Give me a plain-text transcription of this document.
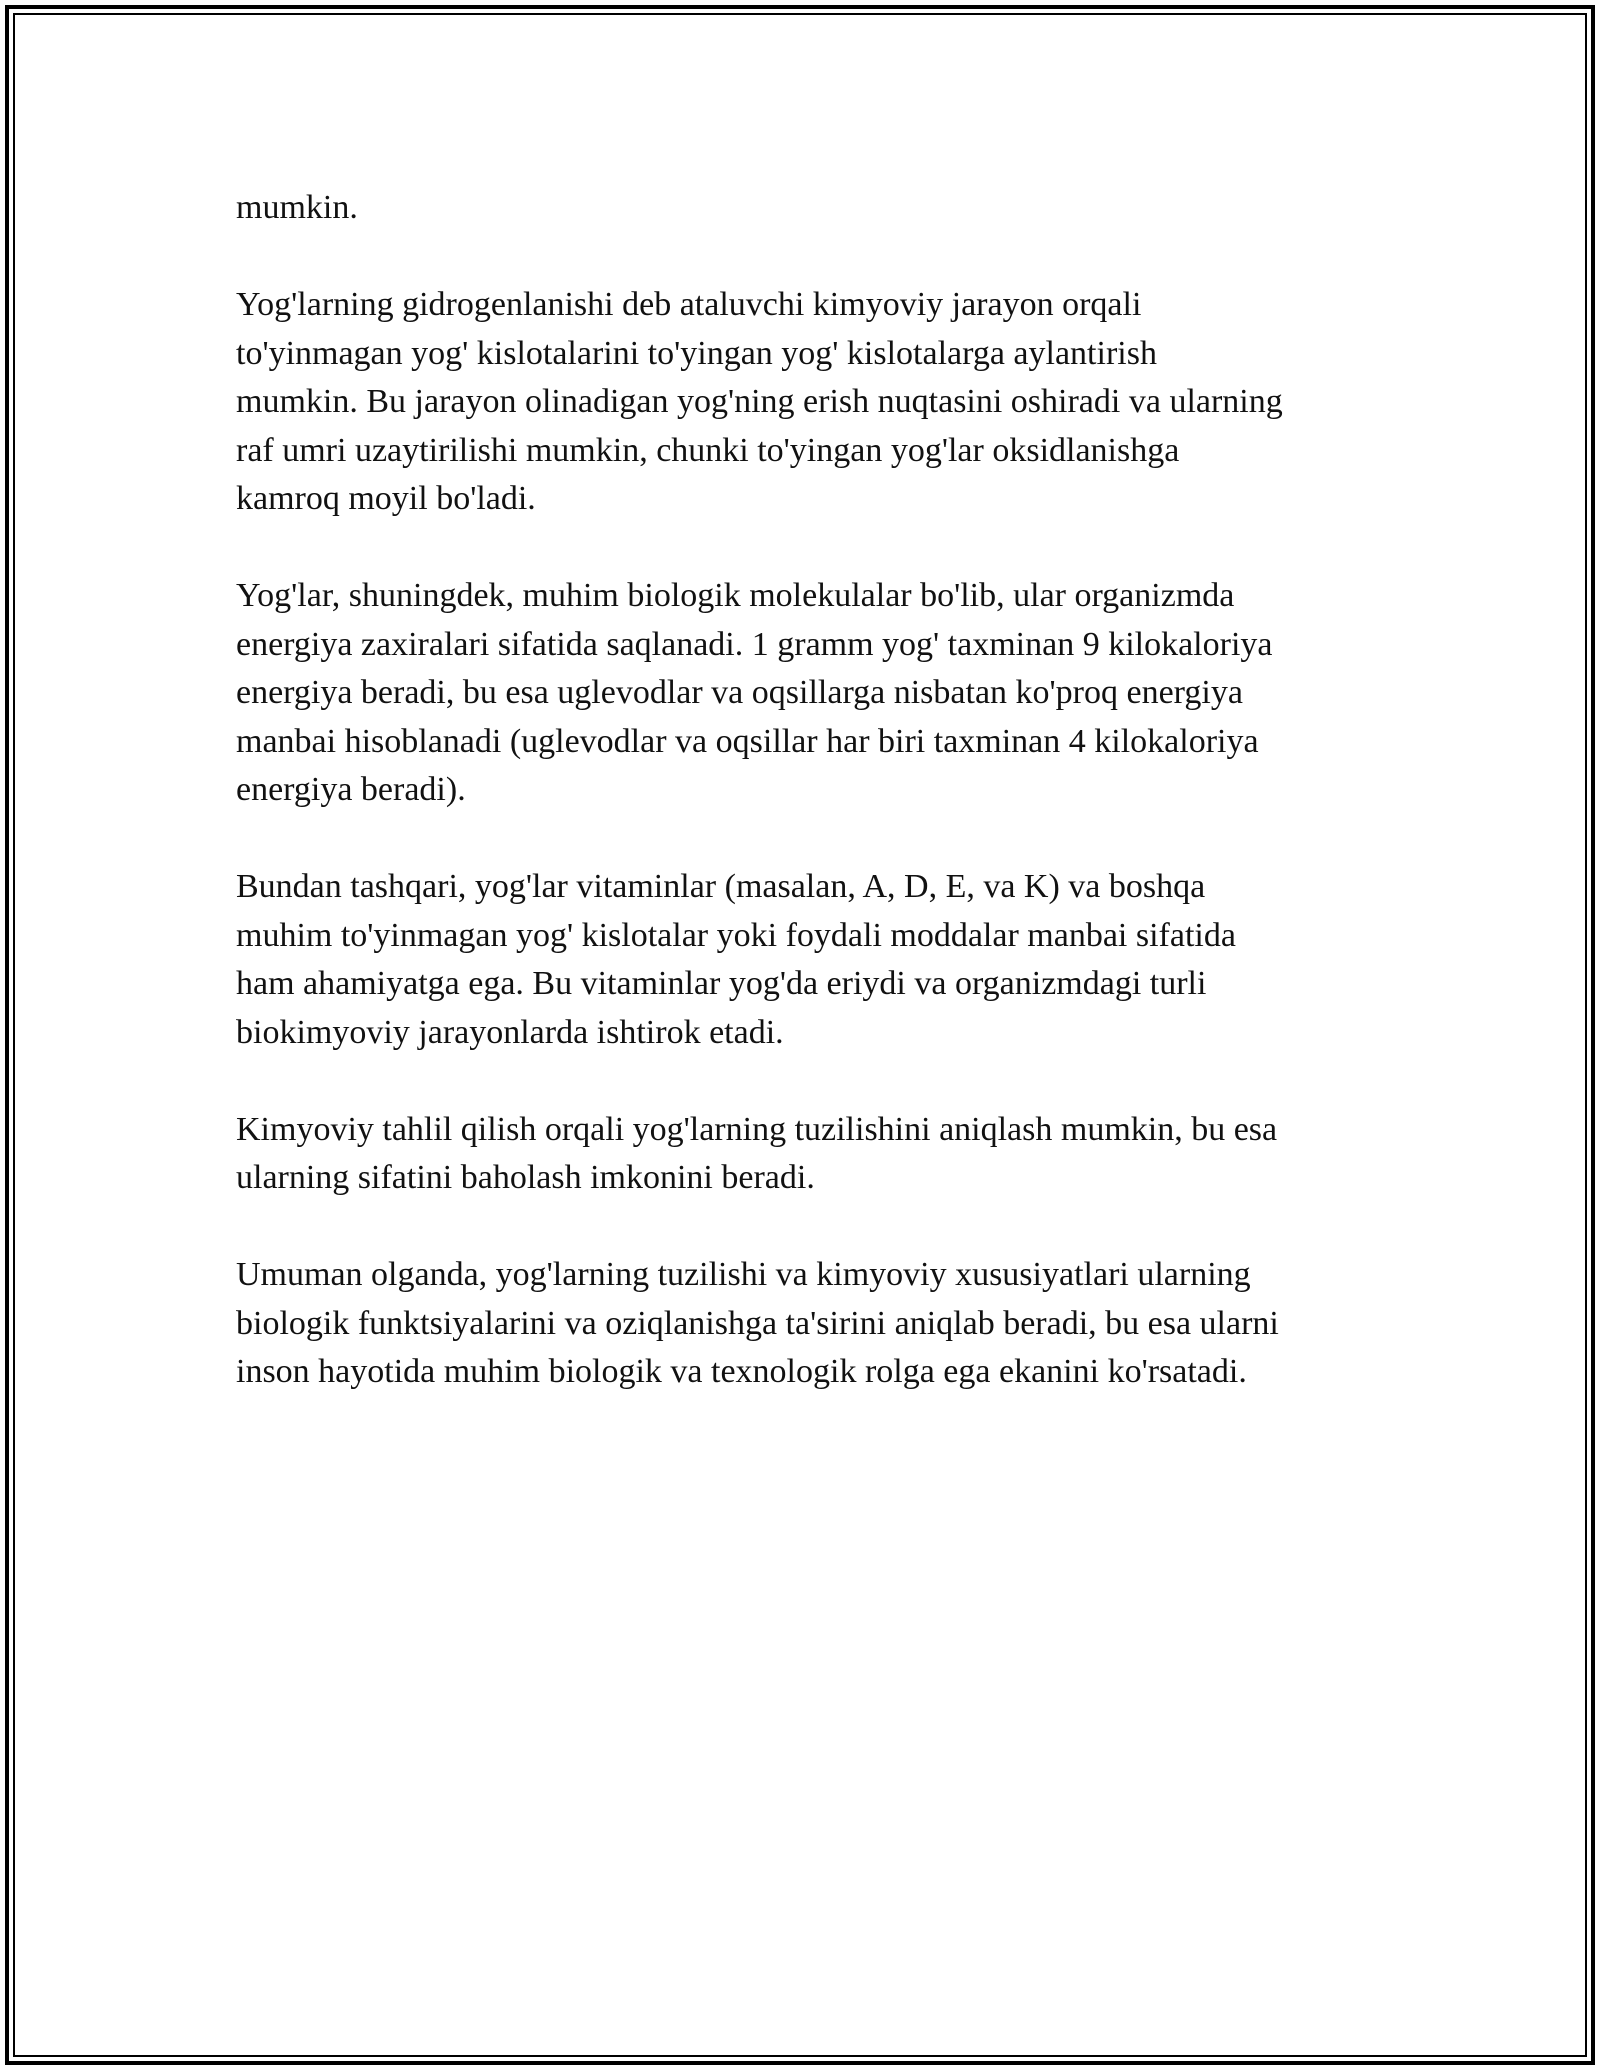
mumkin.

Yog'larning gidrogenlanishi deb ataluvchi kimyoviy jarayon orqali
to'yinmagan yog' kislotalarini to'yingan yog' kislotalarga aylantirish
mumkin. Bu jarayon olinadigan yog'ning erish nuqtasini oshiradi va ularning
raf umri uzaytirilishi mumkin, chunki to'yingan yog'lar oksidlanishga
kamroq moyil bo'ladi.

Yog'lar, shuningdek, muhim biologik molekulalar bo'lib, ular organizmda
energiya zaxiralari sifatida saqlanadi. 1 gramm yog' taxminan 9 kilokaloriya
energiya beradi, bu esa uglevodlar va oqsillarga nisbatan ko'proq energiya
manbai hisoblanadi (uglevodlar va oqsillar har biri taxminan 4 kilokaloriya
energiya beradi).

Bundan tashqari, yog'lar vitaminlar (masalan, A, D, E, va K) va boshqa
muhim to'yinmagan yog' kislotalar yoki foydali moddalar manbai sifatida
ham ahamiyatga ega. Bu vitaminlar yog'da eriydi va organizmdagi turli
biokimyoviy jarayonlarda ishtirok etadi.

Kimyoviy tahlil qilish orqali yog'larning tuzilishini aniqlash mumkin, bu esa
ularning sifatini baholash imkonini beradi.

Umuman olganda, yog'larning tuzilishi va kimyoviy xususiyatlari ularning
biologik funktsiyalarini va oziqlanishga ta'sirini aniqlab beradi, bu esa ularni
inson hayotida muhim biologik va texnologik rolga ega ekanini ko'rsatadi.
